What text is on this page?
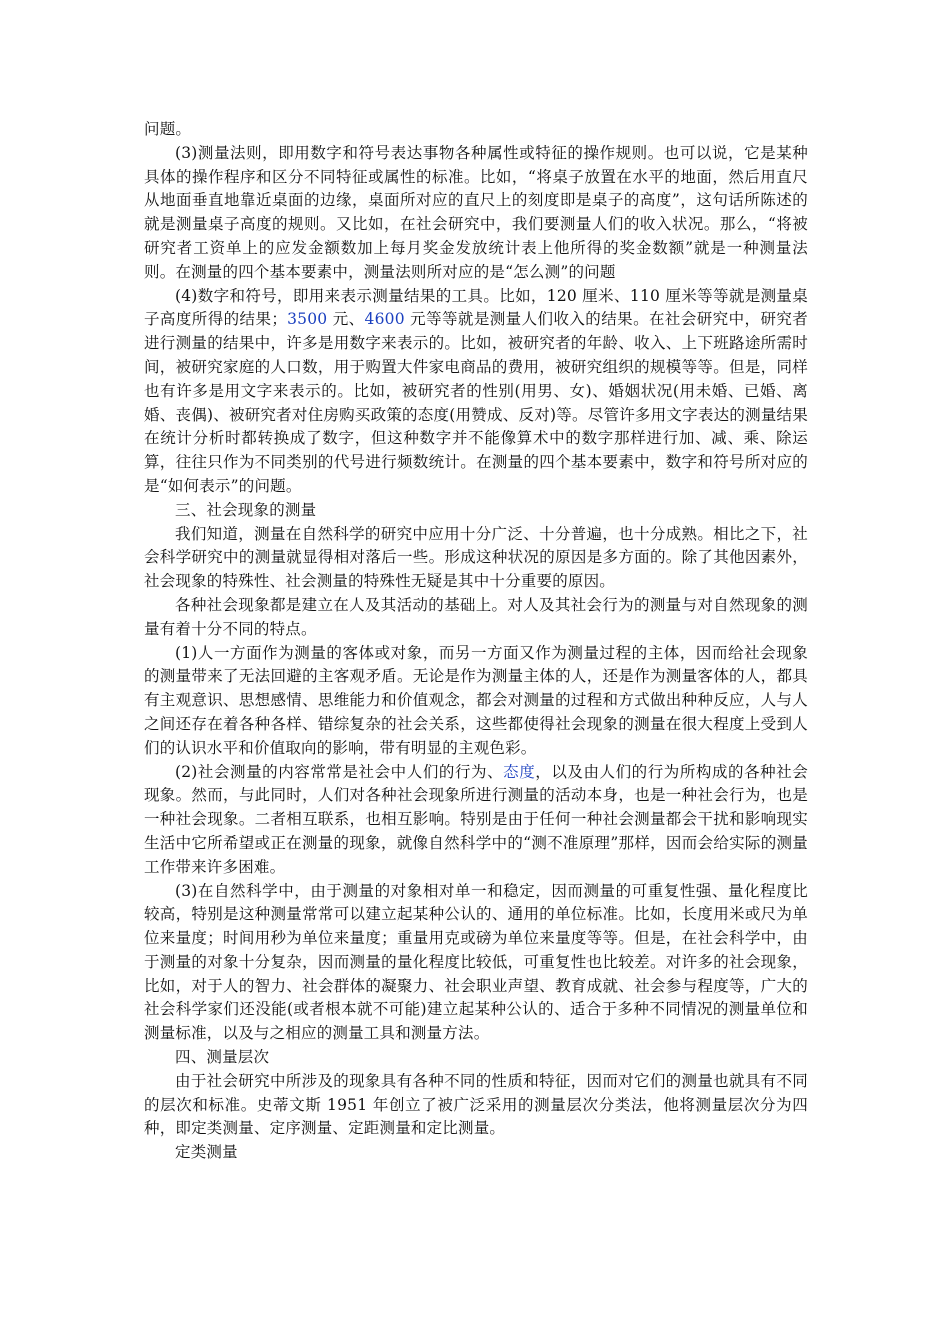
问题。

(3)测量法则，即用数字和符号表达事物各种属性或特征的操作规则。也可以说，它是某种具体的操作程序和区分不同特征或属性的标准。比如，“将桌子放置在水平的地面，然后用直尺从地面垂直地靠近桌面的边缘，桌面所对应的直尺上的刻度即是桌子的高度”，这句话所陈述的就是测量桌子高度的规则。又比如，在社会研究中，我们要测量人们的收入状况。那么，“将被研究者工资单上的应发金额数加上每月奖金发放统计表上他所得的奖金数额”就是一种测量法则。在测量的四个基本要素中，测量法则所对应的是“怎么测”的问题

(4)数字和符号，即用来表示测量结果的工具。比如，120 厘米、110 厘米等等就是测量桌子高度所得的结果；3500 元、4600 元等等就是测量人们收入的结果。在社会研究中，研究者进行测量的结果中，许多是用数字来表示的。比如，被研究者的年龄、收入、上下班路途所需时间，被研究家庭的人口数，用于购置大件家电商品的费用，被研究组织的规模等等。但是，同样也有许多是用文字来表示的。比如，被研究者的性别(用男、女)、婚姻状况(用未婚、已婚、离婚、丧偶)、被研究者对住房购买政策的态度(用赞成、反对)等。尽管许多用文字表达的测量结果在统计分析时都转换成了数字，但这种数字并不能像算术中的数字那样进行加、减、乘、除运算，往往只作为不同类别的代号进行频数统计。在测量的四个基本要素中，数字和符号所对应的是“如何表示”的问题。

三、社会现象的测量

我们知道，测量在自然科学的研究中应用十分广泛、十分普遍，也十分成熟。相比之下，社会科学研究中的测量就显得相对落后一些。形成这种状况的原因是多方面的。除了其他因素外，社会现象的特殊性、社会测量的特殊性无疑是其中十分重要的原因。

各种社会现象都是建立在人及其活动的基础上。对人及其社会行为的测量与对自然现象的测量有着十分不同的特点。

(1)人一方面作为测量的客体或对象，而另一方面又作为测量过程的主体，因而给社会现象的测量带来了无法回避的主客观矛盾。无论是作为测量主体的人，还是作为测量客体的人，都具有主观意识、思想感情、思维能力和价值观念，都会对测量的过程和方式做出种种反应，人与人之间还存在着各种各样、错综复杂的社会关系，这些都使得社会现象的测量在很大程度上受到人们的认识水平和价值取向的影响，带有明显的主观色彩。

(2)社会测量的内容常常是社会中人们的行为、态度，以及由人们的行为所构成的各种社会现象。然而，与此同时，人们对各种社会现象所进行测量的活动本身，也是一种社会行为，也是一种社会现象。二者相互联系，也相互影响。特别是由于任何一种社会测量都会干扰和影响现实生活中它所希望或正在测量的现象，就像自然科学中的“测不准原理”那样，因而会给实际的测量工作带来许多困难。

(3)在自然科学中，由于测量的对象相对单一和稳定，因而测量的可重复性强、量化程度比较高，特别是这种测量常常可以建立起某种公认的、通用的单位标准。比如，长度用米或尺为单位来量度；时间用秒为单位来量度；重量用克或磅为单位来量度等等。但是，在社会科学中，由于测量的对象十分复杂，因而测量的量化程度比较低，可重复性也比较差。对许多的社会现象，比如，对于人的智力、社会群体的凝聚力、社会职业声望、教育成就、社会参与程度等，广大的社会科学家们还没能(或者根本就不可能)建立起某种公认的、适合于多种不同情况的测量单位和测量标准，以及与之相应的测量工具和测量方法。

四、测量层次

由于社会研究中所涉及的现象具有各种不同的性质和特征，因而对它们的测量也就具有不同的层次和标准。史蒂文斯 1951 年创立了被广泛采用的测量层次分类法，他将测量层次分为四种，即定类测量、定序测量、定距测量和定比测量。

定类测量
